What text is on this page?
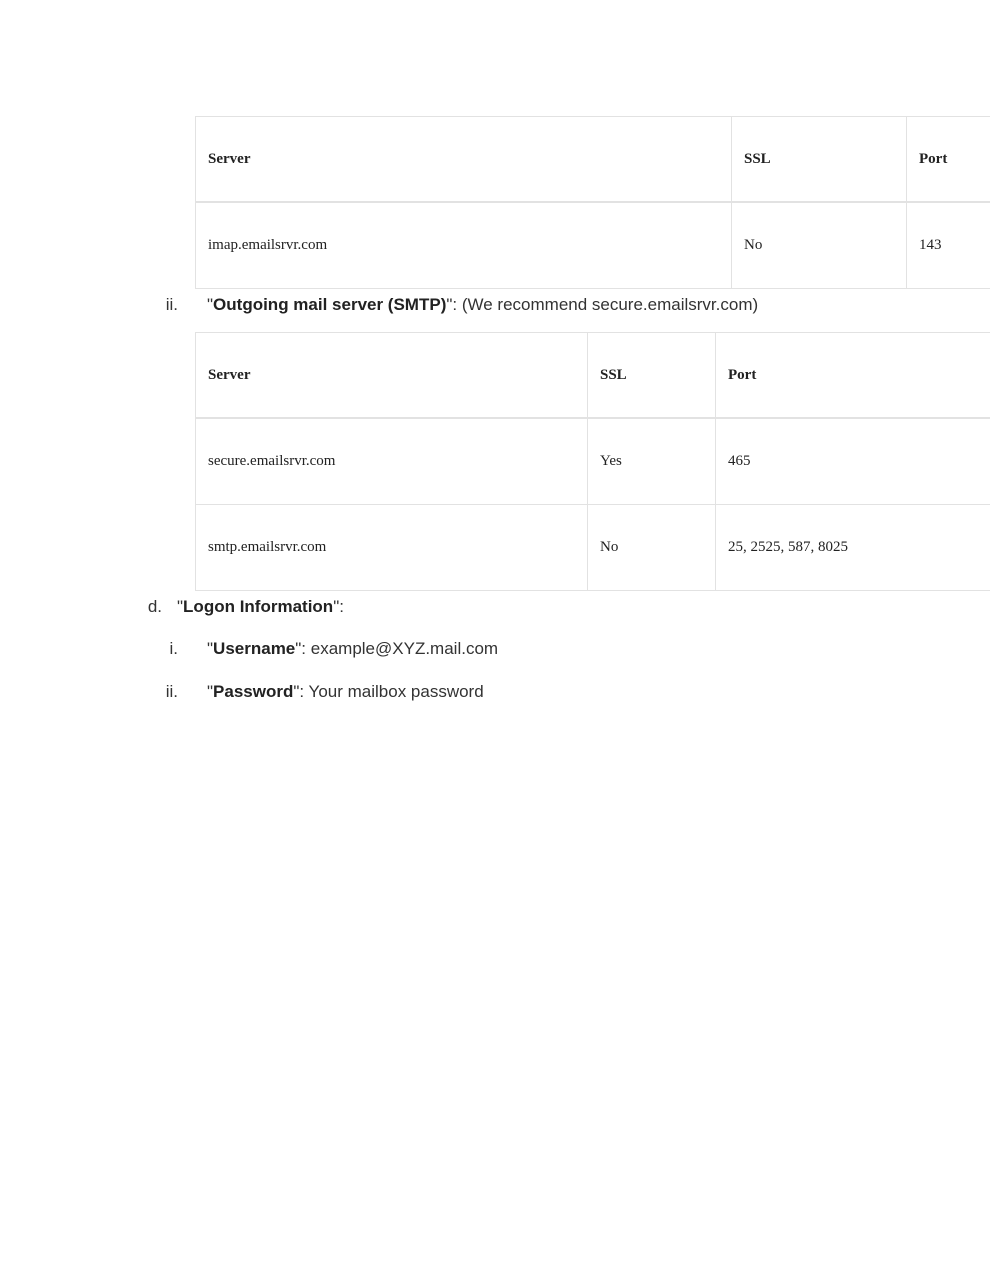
Server	SSL	Port
imap.emailsrvr.com	No	143
ii. "Outgoing mail server (SMTP)": (We recommend secure.emailsrvr.com)
Server	SSL	Port
secure.emailsrvr.com	Yes	465
smtp.emailsrvr.com	No	25, 2525, 587, 8025
d. "Logon Information":
i. "Username": example@XYZ.mail.com
ii. "Password": Your mailbox password
